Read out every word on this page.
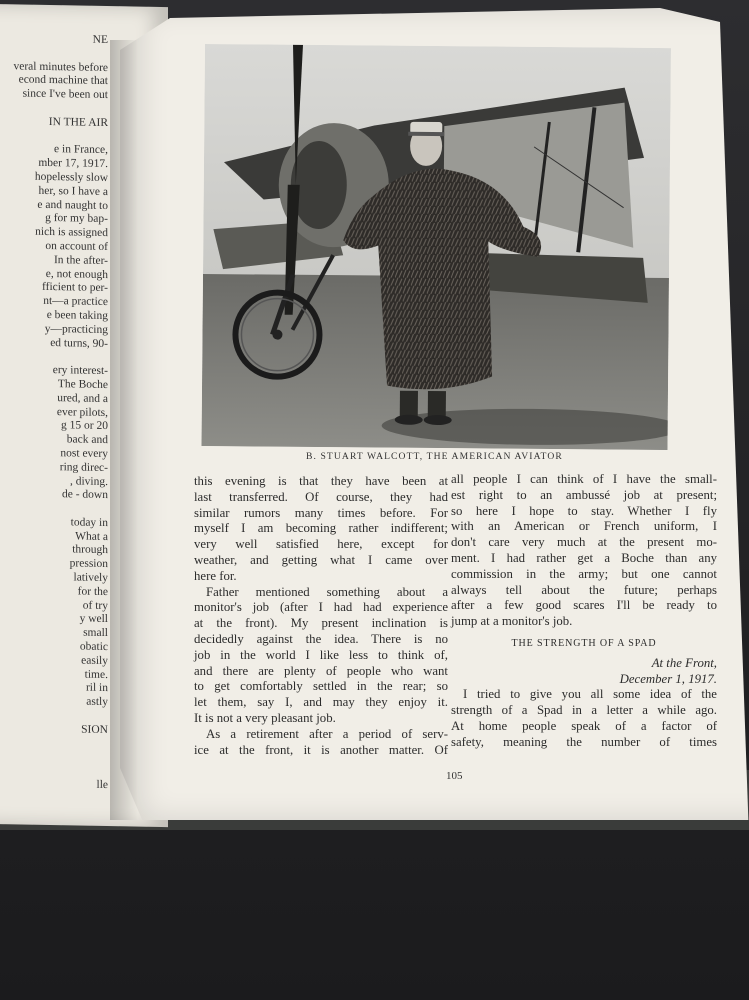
NE
veral minutes before
econd machine that
since I've been out
IN THE AIR
e in France,
mber 17, 1917.
hopelessly slow
her, so I have a
e and naught to
g for my bap-
nich is assigned
on account of
In the after-
e, not enough
fficient to per-
nt—a practice
e been taking
y—practicing
ed turns, 90-
ery interest-
The Boche
ured, and a
ever pilots,
g 15 or 20
back and
nost every
ring direc-
, diving.
de - down
today in
What a
through
pression
latively
for the
of try
y well
small
obatic
easily
time.
ril in
astly
SION
lle
B. STUART WALCOTT, THE AMERICAN AVIATOR
this evening is that they have been at
last transferred. Of course, they had
similar rumors many times before. For
myself I am becoming rather indifferent;
very well satisfied here, except for
weather, and getting what I came over
here for.
Father mentioned something about a
monitor's job (after I had had experience
at the front). My present inclination is
decidedly against the idea. There is no
job in the world I like less to think of,
and there are plenty of people who want
to get comfortably settled in the rear; so
let them, say I, and may they enjoy it.
It is not a very pleasant job.
As a retirement after a period of serv-
ice at the front, it is another matter. Of
all people I can think of I have the small-
est right to an ambussé job at present;
so here I hope to stay. Whether I fly
with an American or French uniform, I
don't care very much at the present mo-
ment. I had rather get a Boche than any
commission in the army; but one cannot
always tell about the future; perhaps
after a few good scares I'll be ready to
jump at a monitor's job.
THE STRENGTH OF A SPAD
At the Front,
December 1, 1917.
I tried to give you all some idea of the
strength of a Spad in a letter a while ago.
At home people speak of a factor of
safety, meaning the number of times
105
